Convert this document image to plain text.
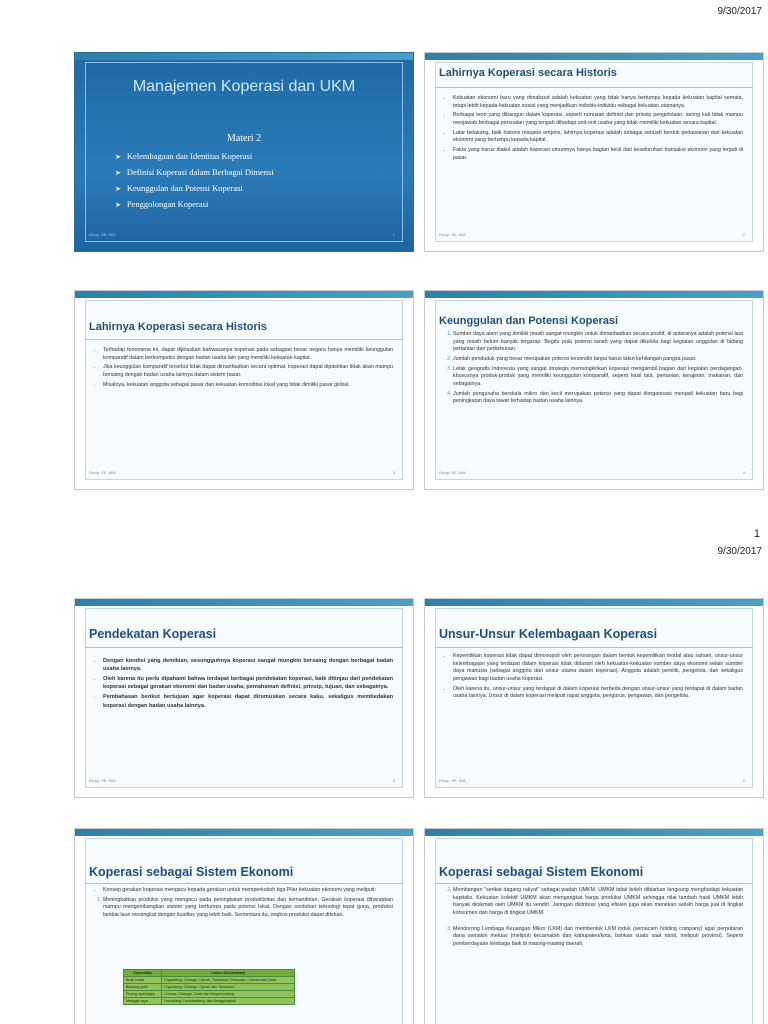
9/30/2017
Manajemen Koperasi dan UKM
Materi 2
➤ Kelembagaan dan Identitas Koperasi
➤ Definisi Koperasi dalam Berbagai Dimensi
➤ Keunggulan dan Potensi Koperasi
➤ Penggolongan Koperasi
Ekuip, SE, MM	1
Lahirnya Koperasi secara Historis
• Kekuatan ekonomi baru yang dimaksud adalah kekuatan yang tidak hanya bertumpu kepada kekuatan kapital semata, tetapi lebih kepada kekuatan sosial yang menjadikan individu-individu sebagai kekuatan utamanya.
• Berbagai teori yang dibangun dalam koperasi, seperti rumusan definisi dan prinsip pengelolaan, sering kali tidak mampu menjawab berbagai persoalan yang tengah dihadapi unit-unit usaha yang tidak memiliki kekuatan secara kapital.
• Latar belakang, baik historis maupun empiris, lahirnya koperasi adalah sebagai sebuah bentuk perlawanan dari kekuatan ekonomi yang bertumpu kepada kapital.
• Fakta yang harus diakui adalah koperasi umumnya hanya bagian kecil dari keseluruhan transaksi ekonomi yang terjadi di pasar.
Ekuip, SE, MM	2
Lahirnya Koperasi secara Historis
• Terhadap fenomena ini, dapat dijelaskan bahwasanya koperasi pada sebagian besar negara hanya memiliki keunggulan komparatif dalam berkompetisi dengan badan usaha lain yang memiliki kekuatan kapital.
• Jika keunggulan komparatif tersebut tidak dapat dimanfaatkan secara optimal, koperasi dapat dipastikan tidak akan mampu bersaing dengan badan usaha lainnya dalam sistem pasar.
• Misalnya, kekuatan anggota sebagai pasar dan kekuatan komoditas lokal yang tidak dimiliki pasar global.
Ekuip, SE, MM	3
Keunggulan dan Potensi Koperasi
1. Sumber daya alam yang dimiliki masih sangat mungkin untuk dimanfaatkan secara positif, di antaranya adalah potensi laut yang masih belum banyak tergarap. Begitu pula potensi tanah yang dapat dikelola bagi kegiatan unggulan di bidang pertanian dan perkebunan.
2. Jumlah penduduk yang besar merupakan potensi tersendiri tanpa harus takut kehilangan pangsa pasar.
3. Letak geografis Indonesia yang sangat strategis memungkinkan koperasi mengambil bagian dari kegiatan perdagangan, khususnya produk-produk yang memiliki keunggulan komparatif, seperti hasil laut, pertanian, kerajinan, makanan, dan sebagainya.
4. Jumlah pengusaha berskala mikro dan kecil merupakan potensi yang dapat diorganisasi menjadi kekuatan baru bagi peningkatan daya tawar terhadap badan usaha lainnya.
Ekuip, SE, MM	4
1
9/30/2017
Pendekatan Koperasi
• Dengan kondisi yang demikian, sesungguhnya koperasi sangat mungkin bersaing dengan berbagai badan usaha lainnya.
• Oleh karena itu perlu dipahami bahwa terdapat berbagai pendekatan koperasi, baik ditinjau dari pendekatan koperasi sebagai gerakan ekonomi dan badan usaha, pemahaman definisi, prinsip, tujuan, dan sebagainya.
• Pembahasan berikut bertujuan agar koperasi dapat dirumuskan secara kaku, sekaligus membedakan koperasi dengan badan usaha lainnya.
Ekuip, SE, MM	5
Unsur-Unsur Kelembagaan Koperasi
• Kepemilikan koperasi tidak dapat dimonopoli oleh perorangan dalam bentuk kepemilikan modal atau saham, unsur-unsur kelembagaan yang terdapat dalam koperasi tidak didasari oleh kekuatan-kekuatan sumber daya ekonomi selain sumber daya manusia (sebagai anggota dan unsur utama dalam koperasi). Anggota adalah pemilik, pengelola, dan sekaligus pengawas bagi badan usaha koperasi.
• Oleh karena itu, unsur-unsur yang terdapat di dalam koperasi berbeda dengan unsur-unsur yang terdapat di dalam badan usaha lainnya. Unsur di dalam koperasi meliputi rapat anggota, pengurus, pengawas, dan pengelola.
Ekuip, SE, MM	6
Koperasi sebagai Sistem Ekonomi
• Konsep gerakan koperasi mengacu kepada gerakan untuk memperkokoh tiga Pilar kekuatan ekonomi yang meliputi:
1. Meningkatkan produksi yang mengacu pada peningkatan produktivitas dan kemandirian. Gerakan koperasi diharapkan mampu mengembangkan sistem yang bertumpu pada potensi lokal. Dengan sentuhan teknologi tepat guna, produksi lambat laun meningkat dengan kualitas yang lebih baik. Sementara itu, ongkos produksi dapat ditekan.
Komoditas	Lokasi (Kecamatan)
Buah lontar	Cigandeng, Cikanga, Cijeruk, Tamansari, Dramaga, Ciomas dan Ciawi
Bawang putih	Cigandeng, Cikanga, Cijeruk dan Tamansari
Pisang raja/nagka	Ciomas, Cikanga, Ciawi dan Megamendung
Manggis raya	Leuwiliang, Leuwisadeng, dan Nanggungsari
Koperasi sebagai Sistem Ekonomi
2. Membangun "serikat dagang rakyat" sebagai wadah UMKM. UMKM tidak boleh dibiarkan langsung menghadapi kekuatan kapitalis. Kekuatan kolektif UMKM akan mengangkat harga produksi UMKM sehingga nilai tambah hasil UMKM lebih banyak dinikmati oleh UMKM itu sendiri. Jaringan distribusi yang efisien juga akan menekan selisih harga jual di tingkat konsumen dan harga di tingkat UMKM.
3. Mendorong Lembaga Keuangan Mikro (LKM) dan membentuk LKM induk (semacam holding company) agar perputaran dana semakin meluas (meliputi kecamatan dan kabupaten/kota, bahkan suatu saat nanti, meliputi provinsi). Seperti pemberdayaan lembaga baik di masing-masing daerah.
